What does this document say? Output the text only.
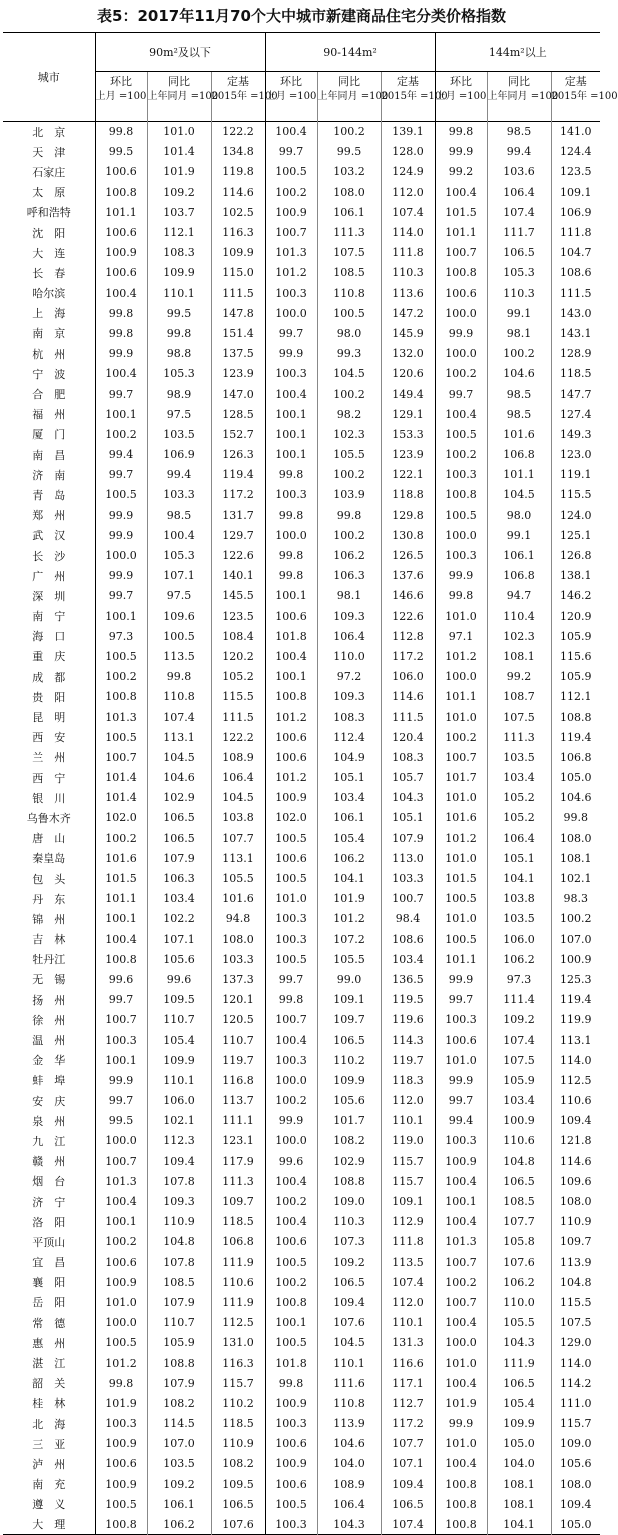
表5：2017年11月70个大中城市新建商品住宅分类价格指数
城市	90m²及以下			90-144m²			144m²以上		
	环比	同比	定基	环比	同比	定基	环比	同比	定基
	上月 =100	上年同月 =100	2015年 =100	上月 =100	上年同月 =100	2015年 =100	上月 =100	上年同月 =100	2015年 =100
北　京	99.8	101.0	122.2	100.4	100.2	139.1	99.8	98.5	141.0
天　津	99.5	101.4	134.8	99.7	99.5	128.0	99.9	99.4	124.4
石家庄	100.6	101.9	119.8	100.5	103.2	124.9	99.2	103.6	123.5
太　原	100.8	109.2	114.6	100.2	108.0	112.0	100.4	106.4	109.1
呼和浩特	101.1	103.7	102.5	100.9	106.1	107.4	101.5	107.4	106.9
沈　阳	100.6	112.1	116.3	100.7	111.3	114.0	101.1	111.7	111.8
大　连	100.9	108.3	109.9	101.3	107.5	111.8	100.7	106.5	104.7
长　春	100.6	109.9	115.0	101.2	108.5	110.3	100.8	105.3	108.6
哈尔滨	100.4	110.1	111.5	100.3	110.8	113.6	100.6	110.3	111.5
上　海	99.8	99.5	147.8	100.0	100.5	147.2	100.0	99.1	143.0
南　京	99.8	99.8	151.4	99.7	98.0	145.9	99.9	98.1	143.1
杭　州	99.9	98.8	137.5	99.9	99.3	132.0	100.0	100.2	128.9
宁　波	100.4	105.3	123.9	100.3	104.5	120.6	100.2	104.6	118.5
合　肥	99.7	98.9	147.0	100.4	100.2	149.4	99.7	98.5	147.7
福　州	100.1	97.5	128.5	100.1	98.2	129.1	100.4	98.5	127.4
厦　门	100.2	103.5	152.7	100.1	102.3	153.3	100.5	101.6	149.3
南　昌	99.4	106.9	126.3	100.1	105.5	123.9	100.2	106.8	123.0
济　南	99.7	99.4	119.4	99.8	100.2	122.1	100.3	101.1	119.1
青　岛	100.5	103.3	117.2	100.3	103.9	118.8	100.8	104.5	115.5
郑　州	99.9	98.5	131.7	99.8	99.8	129.8	100.5	98.0	124.0
武　汉	99.9	100.4	129.7	100.0	100.2	130.8	100.0	99.1	125.1
长　沙	100.0	105.3	122.6	99.8	106.2	126.5	100.3	106.1	126.8
广　州	99.9	107.1	140.1	99.8	106.3	137.6	99.9	106.8	138.1
深　圳	99.7	97.5	145.5	100.1	98.1	146.6	99.8	94.7	146.2
南　宁	100.1	109.6	123.5	100.6	109.3	122.6	101.0	110.4	120.9
海　口	97.3	100.5	108.4	101.8	106.4	112.8	97.1	102.3	105.9
重　庆	100.5	113.5	120.2	100.4	110.0	117.2	101.2	108.1	115.6
成　都	100.2	99.8	105.2	100.1	97.2	106.0	100.0	99.2	105.9
贵　阳	100.8	110.8	115.5	100.8	109.3	114.6	101.1	108.7	112.1
昆　明	101.3	107.4	111.5	101.2	108.3	111.5	101.0	107.5	108.8
西　安	100.5	113.1	122.2	100.6	112.4	120.4	100.2	111.3	119.4
兰　州	100.7	104.5	108.9	100.6	104.9	108.3	100.7	103.5	106.8
西　宁	101.4	104.6	106.4	101.2	105.1	105.7	101.7	103.4	105.0
银　川	101.4	102.9	104.5	100.9	103.4	104.3	101.0	105.2	104.6
乌鲁木齐	102.0	106.5	103.8	102.0	106.1	105.1	101.6	105.2	99.8
唐　山	100.2	106.5	107.7	100.5	105.4	107.9	101.2	106.4	108.0
秦皇岛	101.6	107.9	113.1	100.6	106.2	113.0	101.0	105.1	108.1
包　头	101.5	106.3	105.5	100.5	104.1	103.3	101.5	104.1	102.1
丹　东	101.1	103.4	101.6	101.0	101.9	100.7	100.5	103.8	98.3
锦　州	100.1	102.2	94.8	100.3	101.2	98.4	101.0	103.5	100.2
吉　林	100.4	107.1	108.0	100.3	107.2	108.6	100.5	106.0	107.0
牡丹江	100.8	105.6	103.3	100.5	105.5	103.4	101.1	106.2	100.9
无　锡	99.6	99.6	137.3	99.7	99.0	136.5	99.9	97.3	125.3
扬　州	99.7	109.5	120.1	99.8	109.1	119.5	99.7	111.4	119.4
徐　州	100.7	110.7	120.5	100.7	109.7	119.6	100.3	109.2	119.9
温　州	100.3	105.4	110.7	100.4	106.5	114.3	100.6	107.4	113.1
金　华	100.1	109.9	119.7	100.3	110.2	119.7	101.0	107.5	114.0
蚌　埠	99.9	110.1	116.8	100.0	109.9	118.3	99.9	105.9	112.5
安　庆	99.7	106.0	113.7	100.2	105.6	112.0	99.7	103.4	110.6
泉　州	99.5	102.1	111.1	99.9	101.7	110.1	99.4	100.9	109.4
九　江	100.0	112.3	123.1	100.0	108.2	119.0	100.3	110.6	121.8
赣　州	100.7	109.4	117.9	99.6	102.9	115.7	100.9	104.8	114.6
烟　台	101.3	107.8	111.3	100.4	108.8	115.7	100.4	106.5	109.6
济　宁	100.4	109.3	109.7	100.2	109.0	109.1	100.1	108.5	108.0
洛　阳	100.1	110.9	118.5	100.4	110.3	112.9	100.4	107.7	110.9
平顶山	100.2	104.8	106.8	100.6	107.3	111.8	101.3	105.8	109.7
宜　昌	100.6	107.8	111.9	100.5	109.2	113.5	100.7	107.6	113.9
襄　阳	100.9	108.5	110.6	100.2	106.5	107.4	100.2	106.2	104.8
岳　阳	101.0	107.9	111.9	100.8	109.4	112.0	100.7	110.0	115.5
常　德	100.0	110.7	112.5	100.1	107.6	110.1	100.4	105.5	107.5
惠　州	100.5	105.9	131.0	100.5	104.5	131.3	100.0	104.3	129.0
湛　江	101.2	108.8	116.3	101.8	110.1	116.6	101.0	111.9	114.0
韶　关	99.8	107.9	115.7	99.8	111.6	117.1	100.4	106.5	114.2
桂　林	101.9	108.2	110.2	100.9	110.8	112.7	101.9	105.4	111.0
北　海	100.3	114.5	118.5	100.3	113.9	117.2	99.9	109.9	115.7
三　亚	100.9	107.0	110.9	100.6	104.6	107.7	101.0	105.0	109.0
泸　州	100.6	103.5	108.2	100.9	104.0	107.1	100.4	104.0	105.6
南　充	100.9	109.2	109.5	100.6	108.9	109.4	100.8	108.1	108.0
遵　义	100.5	106.1	106.5	100.5	106.4	106.5	100.8	108.1	109.4
大　理	100.8	106.2	107.6	100.3	104.3	107.4	100.8	104.1	105.0
